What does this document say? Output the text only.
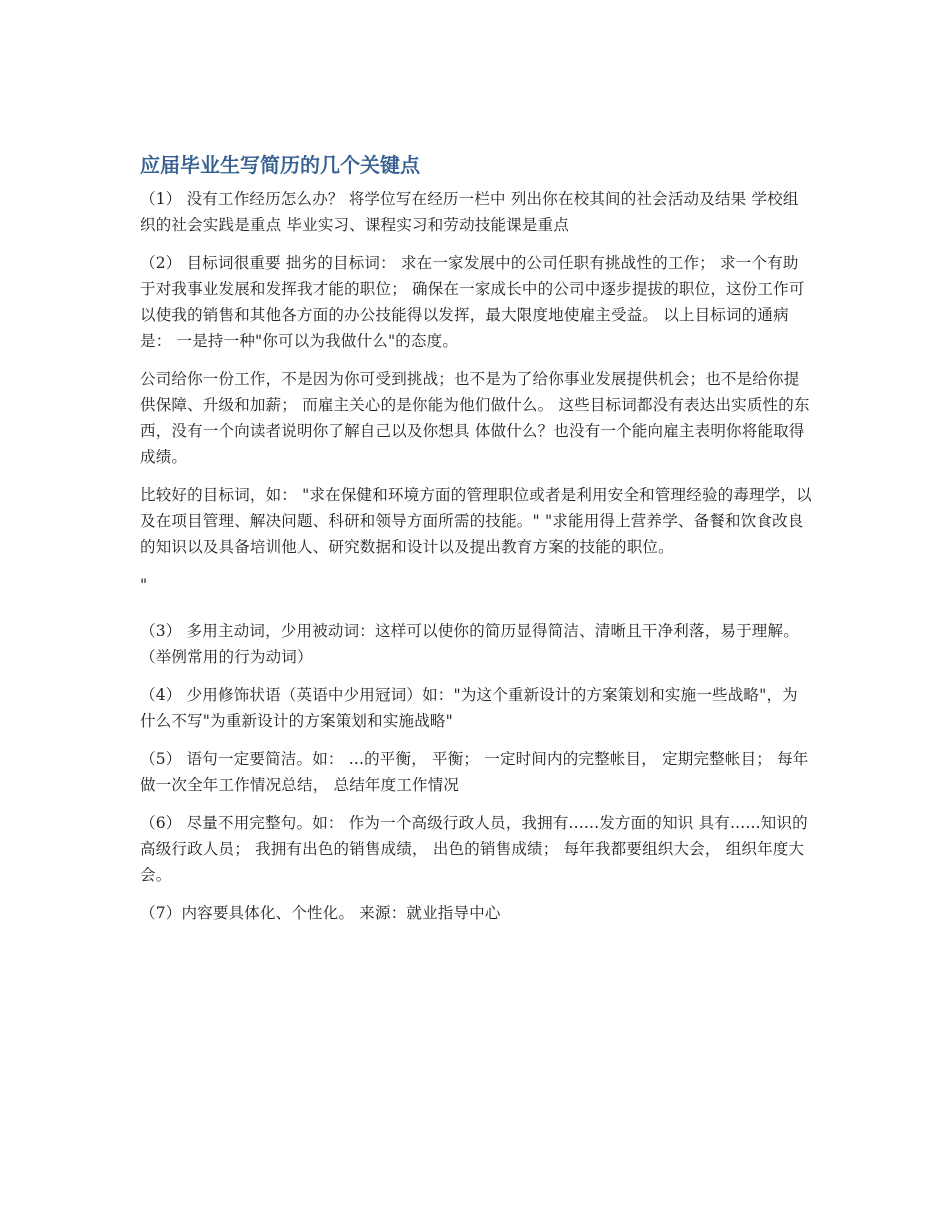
应届毕业生写简历的几个关键点

（1） 没有工作经历怎么办？ 将学位写在经历一栏中 列出你在校其间的社会活动及结果 学校组织的社会实践是重点 毕业实习、课程实习和劳动技能课是重点

（2） 目标词很重要 拙劣的目标词： 求在一家发展中的公司任职有挑战性的工作； 求一个有助于对我事业发展和发挥我才能的职位； 确保在一家成长中的公司中逐步提拔的职位，这份工作可以使我的销售和其他各方面的办公技能得以发挥，最大限度地使雇主受益。 以上目标词的通病是： 一是持一种"你可以为我做什么"的态度。

公司给你一份工作，不是因为你可受到挑战；也不是为了给你事业发展提供机会；也不是给你提供保障、升级和加薪； 而雇主关心的是你能为他们做什么。 这些目标词都没有表达出实质性的东西，没有一个向读者说明你了解自己以及你想具 体做什么？也没有一个能向雇主表明你将能取得成绩。

比较好的目标词，如： "求在保健和环境方面的管理职位或者是利用安全和管理经验的毒理学，以及在项目管理、解决问题、科研和领导方面所需的技能。" "求能用得上营养学、备餐和饮食改良的知识以及具备培训他人、研究数据和设计以及提出教育方案的技能的职位。

"

（3） 多用主动词，少用被动词：这样可以使你的简历显得简洁、清晰且干净利落，易于理解。（举例常用的行为动词）

（4） 少用修饰状语（英语中少用冠词）如："为这个重新设计的方案策划和实施一些战略"，为什么不写"为重新设计的方案策划和实施战略"

（5） 语句一定要简洁。如： ...的平衡， 平衡； 一定时间内的完整帐目， 定期完整帐目； 每年做一次全年工作情况总结， 总结年度工作情况

（6） 尽量不用完整句。如： 作为一个高级行政人员，我拥有......发方面的知识 具有......知识的高级行政人员； 我拥有出色的销售成绩， 出色的销售成绩； 每年我都要组织大会， 组织年度大会。

（7）内容要具体化、个性化。 来源：就业指导中心
